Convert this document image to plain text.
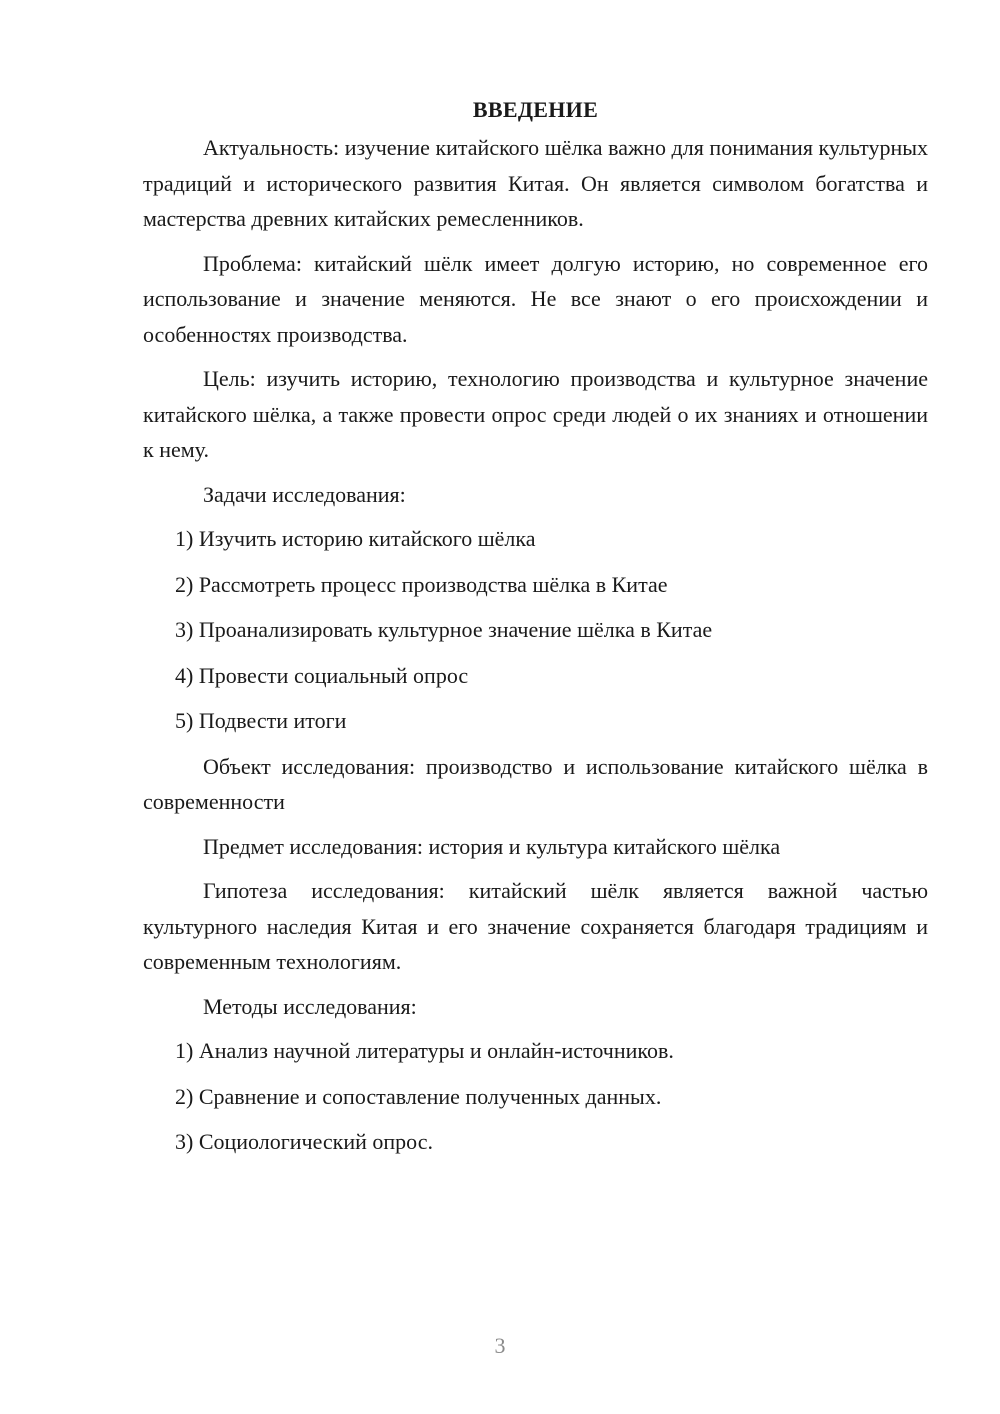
ВВЕДЕНИЕ

Актуальность: изучение китайского шёлка важно для понимания культурных традиций и исторического развития Китая. Он является символом богатства и мастерства древних китайских ремесленников.

Проблема: китайский шёлк имеет долгую историю, но современное его использование и значение меняются. Не все знают о его происхождении и особенностях производства.

Цель: изучить историю, технологию производства и культурное значение китайского шёлка, а также провести опрос среди людей о их знаниях и отношении к нему.

Задачи исследования:

1) Изучить историю китайского шёлка
2) Рассмотреть процесс производства шёлка в Китае
3) Проанализировать культурное значение шёлка в Китае
4) Провести социальный опрос
5) Подвести итоги

Объект исследования: производство и использование китайского шёлка в современности

Предмет исследования: история и культура китайского шёлка

Гипотеза исследования: китайский шёлк является важной частью культурного наследия Китая и его значение сохраняется благодаря традициям и современным технологиям.

Методы исследования:

1) Анализ научной литературы и онлайн-источников.
2) Сравнение и сопоставление полученных данных.
3) Социологический опрос.
3
